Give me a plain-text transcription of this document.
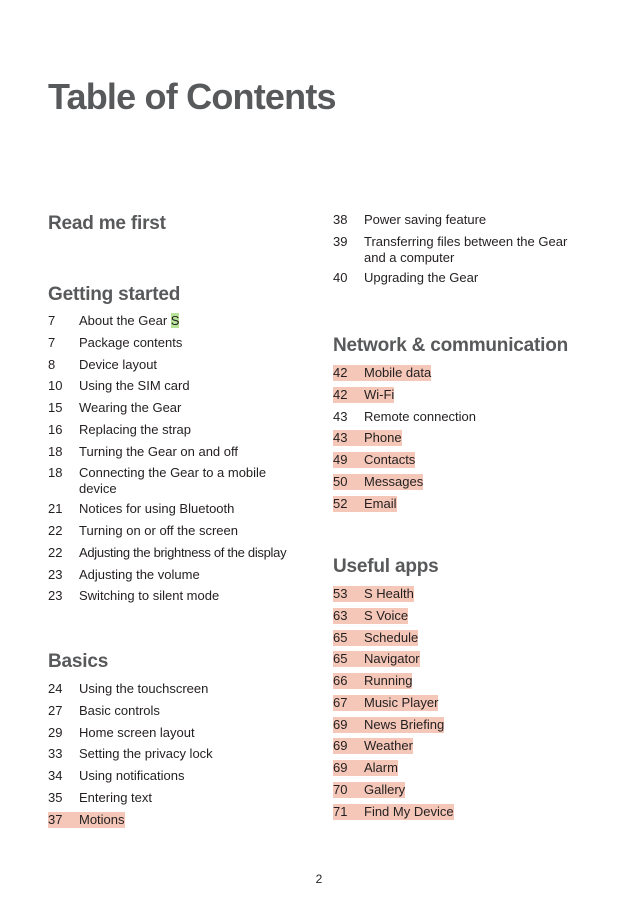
Table of Contents
Read me first
Getting started
7	About the Gear S
7	Package contents
8	Device layout
10	Using the SIM card
15	Wearing the Gear
16	Replacing the strap
18	Turning the Gear on and off
18	Connecting the Gear to a mobile device
21	Notices for using Bluetooth
22	Turning on or off the screen
22	Adjusting the brightness of the display
23	Adjusting the volume
23	Switching to silent mode
Basics
24	Using the touchscreen
27	Basic controls
29	Home screen layout
33	Setting the privacy lock
34	Using notifications
35	Entering text
37 Motions
38	Power saving feature
39	Transferring files between the Gear and a computer
40	Upgrading the Gear
Network & communication
42 Mobile data
42 Wi-Fi
43	Remote connection
43 Phone
49 Contacts
50 Messages
52 Email
Useful apps
53 S Health
63 S Voice
65 Schedule
65 Navigator
66 Running
67 Music Player
69 News Briefing
69 Weather
69 Alarm
70 Gallery
71 Find My Device
2
